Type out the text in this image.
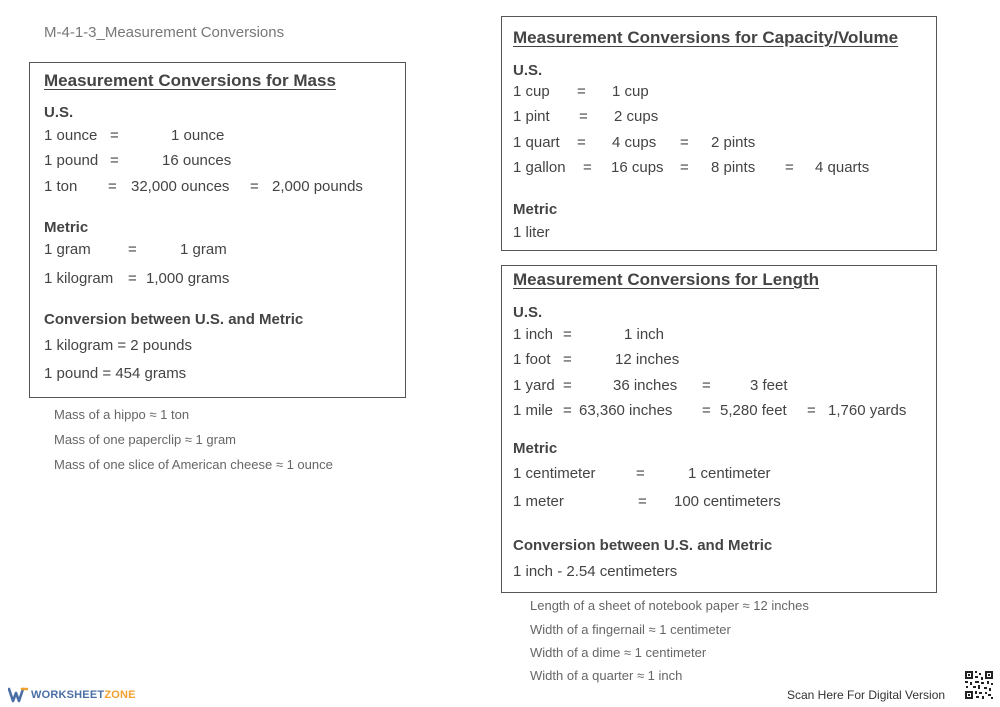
M-4-1-3_Measurement Conversions
Measurement Conversions for Mass
U.S.
1 ounce =	1 ounce
1 pound =	16 ounces
1 ton = 32,000 ounces = 2,000 pounds
Metric
1 gram =	1 gram
1 kilogram = 1,000 grams
Conversion between U.S. and Metric
1 kilogram = 2 pounds
1 pound = 454 grams
Mass of a hippo ≈ 1 ton
Mass of one paperclip ≈ 1 gram
Mass of one slice of American cheese ≈ 1 ounce
Measurement Conversions for Capacity/Volume
U.S.
1 cup = 1 cup
1 pint = 2 cups
1 quart = 4 cups = 2 pints
1 gallon = 16 cups = 8 pints = 4 quarts
Metric
1 liter
Measurement Conversions for Length
U.S.
1 inch =	1 inch
1 foot =	12 inches
1 yard =	36 inches =	3 feet
1 mile = 63,360 inches = 5,280 feet = 1,760 yards
Metric
1 centimeter	=	1 centimeter
1 meter	= 100 centimeters
Conversion between U.S. and Metric
1 inch - 2.54 centimeters
Length of a sheet of notebook paper ≈ 12 inches
Width of a fingernail ≈ 1 centimeter
Width of a dime ≈ 1 centimeter
Width of a quarter ≈ 1 inch
WORKSHEETZONE	Scan Here For Digital Version
